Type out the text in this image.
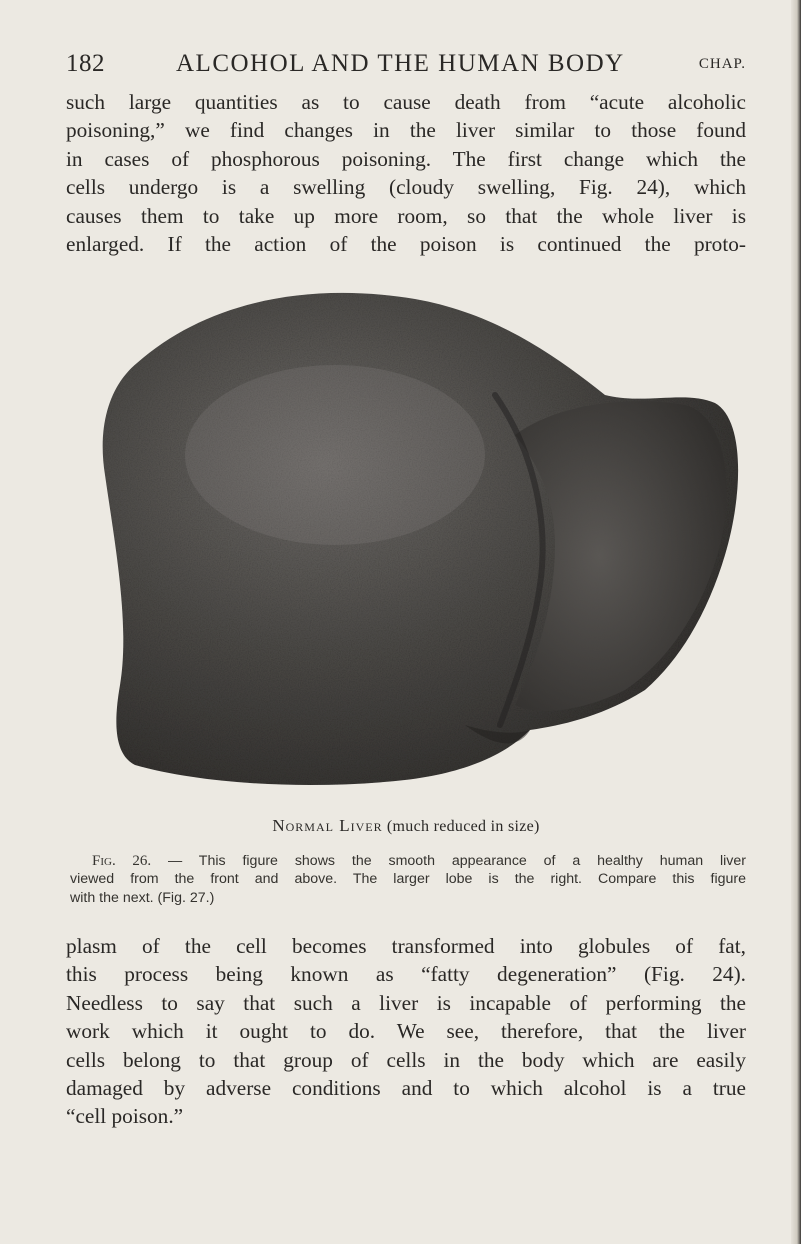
182	ALCOHOL AND THE HUMAN BODY	CHAP.
such large quantities as to cause death from “acute alcoholic
poisoning,” we find changes in the liver similar to those found
in cases of phosphorous poisoning. The first change which the
cells undergo is a swelling (cloudy swelling, Fig. 24), which
causes them to take up more room, so that the whole liver is
enlarged. If the action of the poison is continued the proto-
Normal Liver (much reduced in size)
Fig. 26. — This figure shows the smooth appearance of a healthy human liver
viewed from the front and above. The larger lobe is the right. Compare this figure
with the next. (Fig. 27.)
plasm of the cell becomes transformed into globules of fat,
this process being known as “fatty degeneration” (Fig. 24).
Needless to say that such a liver is incapable of performing the
work which it ought to do. We see, therefore, that the liver
cells belong to that group of cells in the body which are easily
damaged by adverse conditions and to which alcohol is a true
“cell poison.”
